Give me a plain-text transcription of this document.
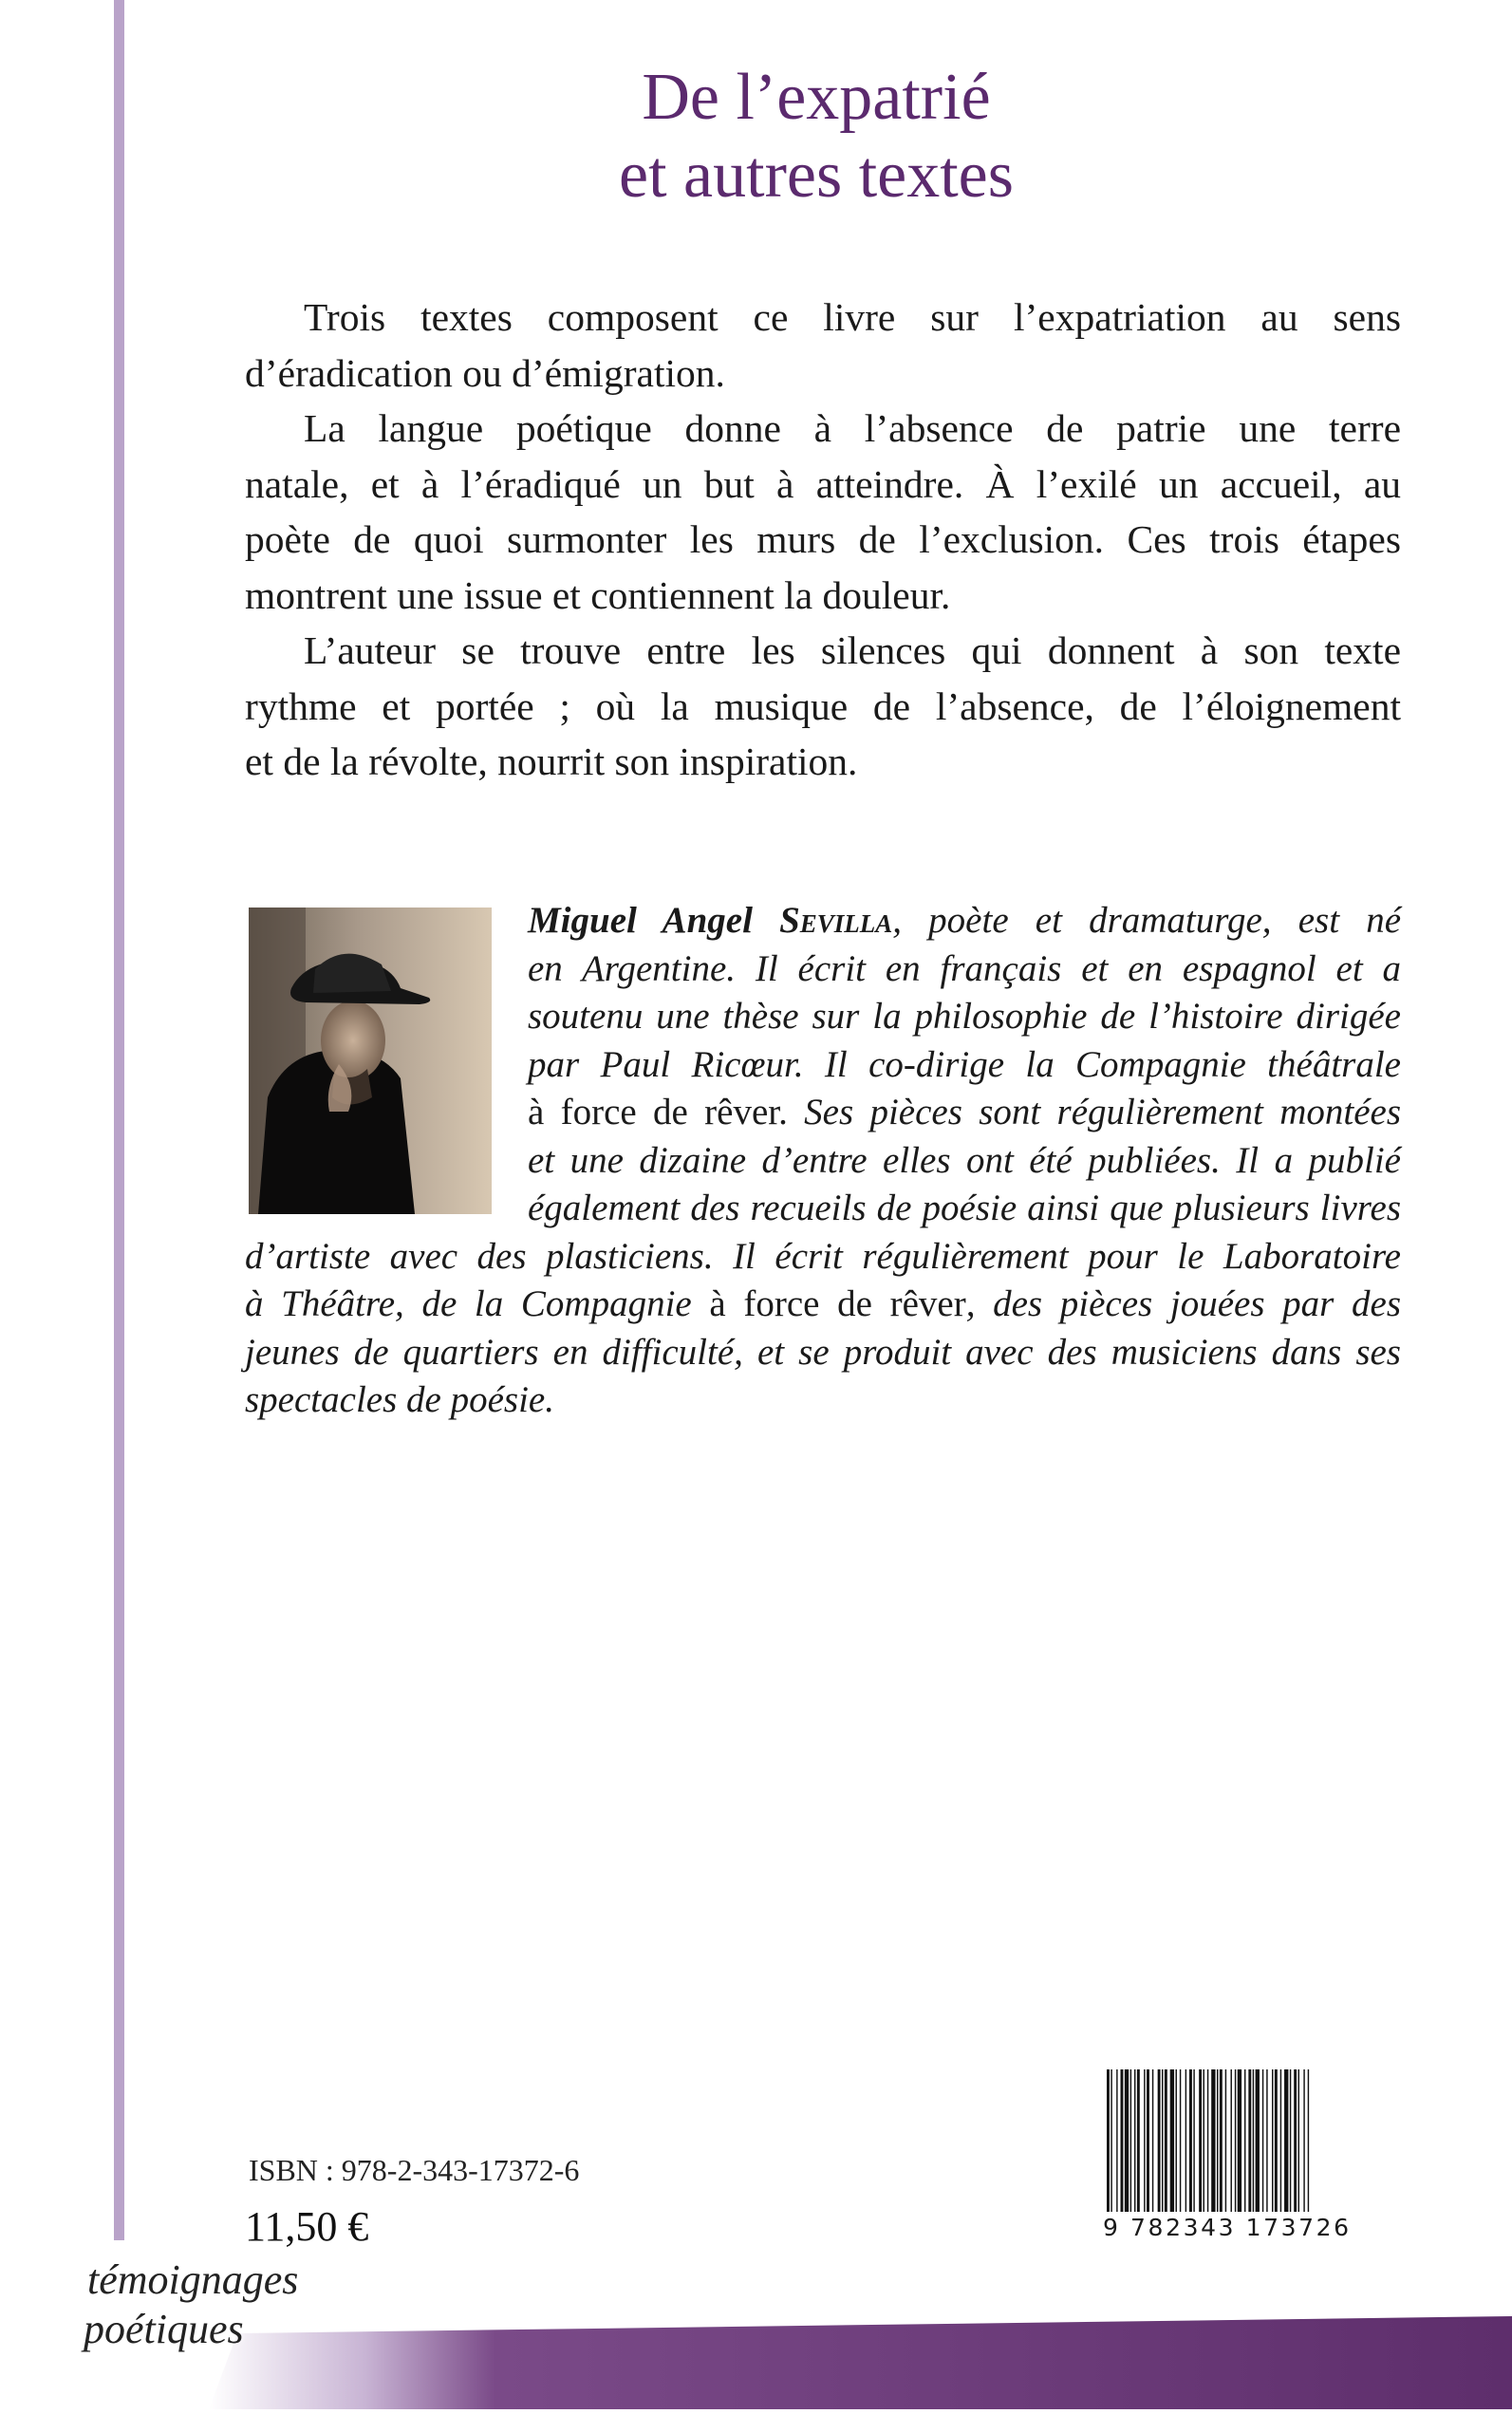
De l’expatrié
et autres textes

Trois textes composent ce livre sur l’expatriation au sens
d’éradication ou d’émigration.

La langue poétique donne à l’absence de patrie une terre
natale, et à l’éradiqué un but à atteindre. À l’exilé un accueil, au
poète de quoi surmonter les murs de l’exclusion. Ces trois étapes
montrent une issue et contiennent la douleur.

L’auteur se trouve entre les silences qui donnent à son texte
rythme et portée ; où la musique de l’absence, de l’éloignement
et de la révolte, nourrit son inspiration.

Miguel Angel Sevilla, poète et dramaturge, est né
en Argentine. Il écrit en français et en espagnol et a
soutenu une thèse sur la philosophie de l’histoire dirigée
par Paul Ricœur. Il co-dirige la Compagnie théâtrale
à force de rêver. Ses pièces sont régulièrement montées
et une dizaine d’entre elles ont été publiées. Il a publié
également des recueils de poésie ainsi que plusieurs livres
d’artiste avec des plasticiens. Il écrit régulièrement pour le Laboratoire
à Théâtre, de la Compagnie à force de rêver, des pièces jouées par des
jeunes de quartiers en difficulté, et se produit avec des musiciens dans ses
spectacles de poésie.
ISBN : 978-2-343-17372-6
11,50 €	9 782343 173726
témoignages
poétiques
